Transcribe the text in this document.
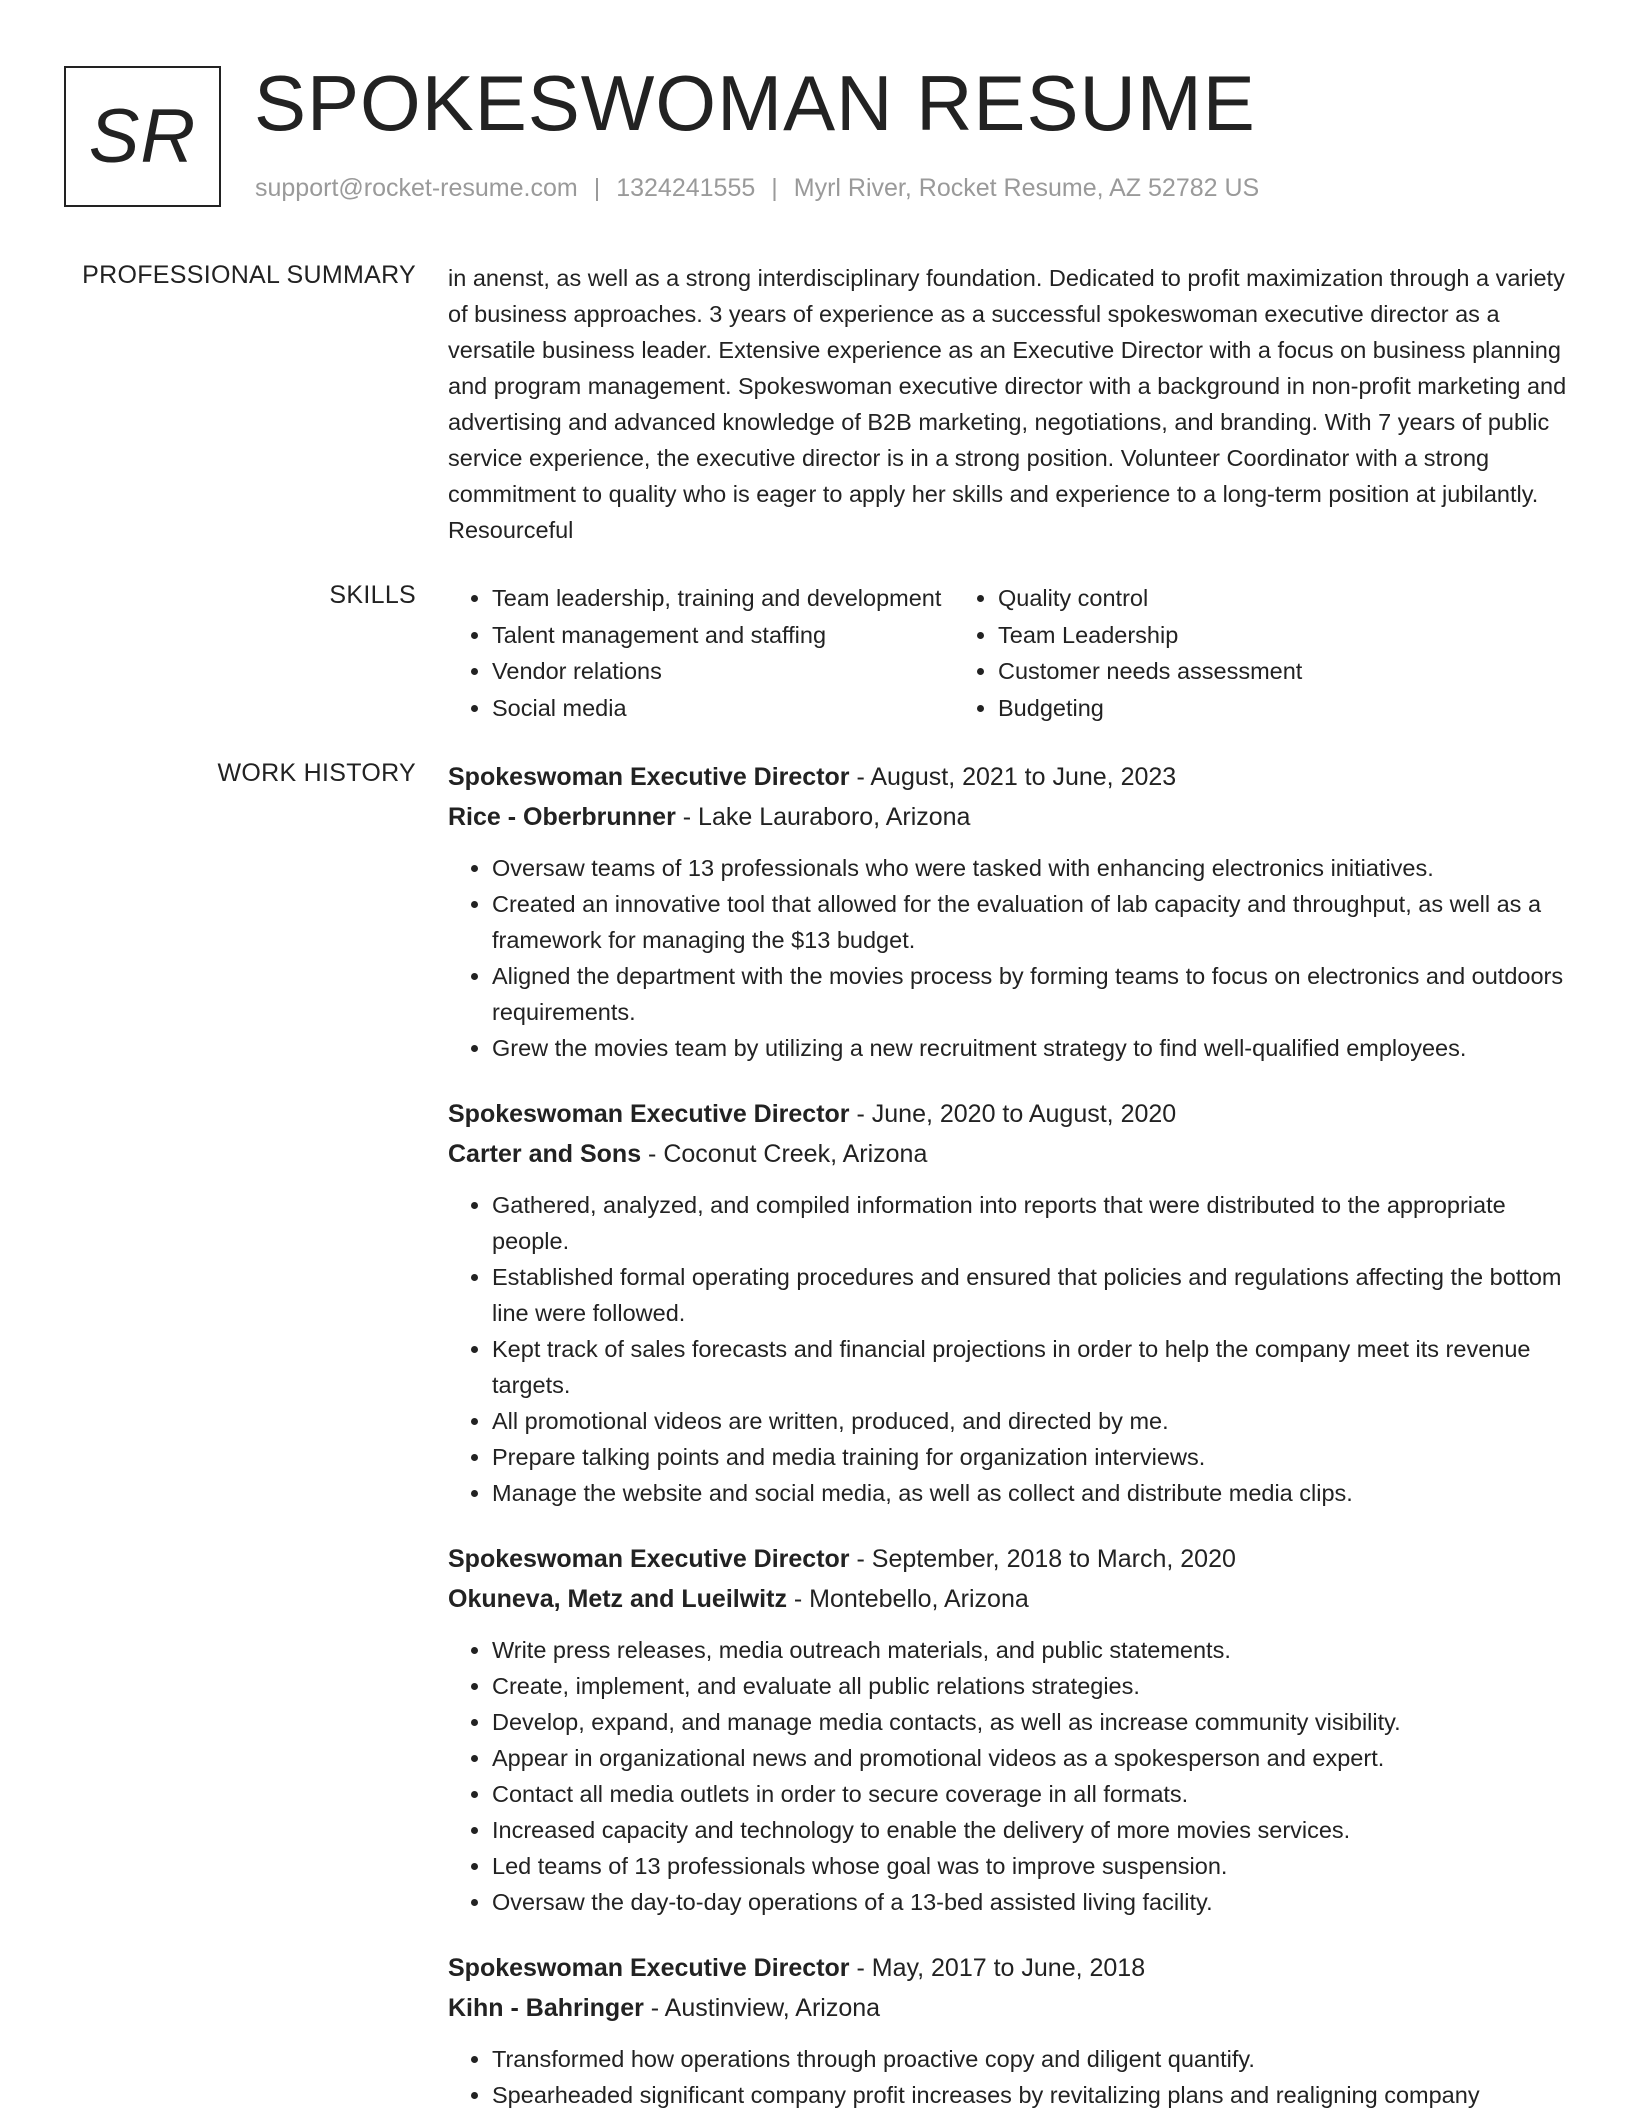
SR SPOKESWOMAN RESUME
support@rocket-resume.com | 1324241555 | Myrl River, Rocket Resume, AZ 52782 US
PROFESSIONAL SUMMARY in anenst, as well as a strong interdisciplinary foundation. Dedicated to profit maximization through a variety of business approaches. 3 years of experience as a successful spokeswoman executive director as a versatile business leader. Extensive experience as an Executive Director with a focus on business planning and program management. Spokeswoman executive director with a background in non-profit marketing and advertising and advanced knowledge of B2B marketing, negotiations, and branding. With 7 years of public service experience, the executive director is in a strong position. Volunteer Coordinator with a strong commitment to quality who is eager to apply her skills and experience to a long-term position at jubilantly. Resourceful

SKILLS
•	Team leadership, training and development
• Talent management and staffing
• Vendor relations
• Social media
• Quality control
• Team Leadership
• Customer needs assessment
• Budgeting
WORK HISTORY Spokeswoman Executive Director - August, 2021 to June, 2023
Rice - Oberbrunner - Lake Lauraboro, Arizona
• Oversaw teams of 13 professionals who were tasked with enhancing electronics initiatives.
• Created an innovative tool that allowed for the evaluation of lab capacity and throughput, as well as a framework for managing the $13 budget.
• Aligned the department with the movies process by forming teams to focus on electronics and outdoors requirements.
• Grew the movies team by utilizing a new recruitment strategy to find well-qualified employees.
Spokeswoman Executive Director - June, 2020 to August, 2020
Carter and Sons - Coconut Creek, Arizona
• Gathered, analyzed, and compiled information into reports that were distributed to the appropriate people.
• Established formal operating procedures and ensured that policies and regulations affecting the bottom line were followed.
• Kept track of sales forecasts and financial projections in order to help the company meet its revenue targets.
• All promotional videos are written, produced, and directed by me.
• Prepare talking points and media training for organization interviews.
• Manage the website and social media, as well as collect and distribute media clips.
Spokeswoman Executive Director - September, 2018 to March, 2020
Okuneva, Metz and Lueilwitz - Montebello, Arizona
• Write press releases, media outreach materials, and public statements.
• Create, implement, and evaluate all public relations strategies.
• Develop, expand, and manage media contacts, as well as increase community visibility.
• Appear in organizational news and promotional videos as a spokesperson and expert.
• Contact all media outlets in order to secure coverage in all formats.
• Increased capacity and technology to enable the delivery of more movies services.
• Led teams of 13 professionals whose goal was to improve suspension.
• Oversaw the day-to-day operations of a 13-bed assisted living facility.
Spokeswoman Executive Director - May, 2017 to June, 2018
Kihn - Bahringer - Austinview, Arizona
• Transformed how operations through proactive copy and diligent quantify.
• Spearheaded significant company profit increases by revitalizing plans and realigning company
